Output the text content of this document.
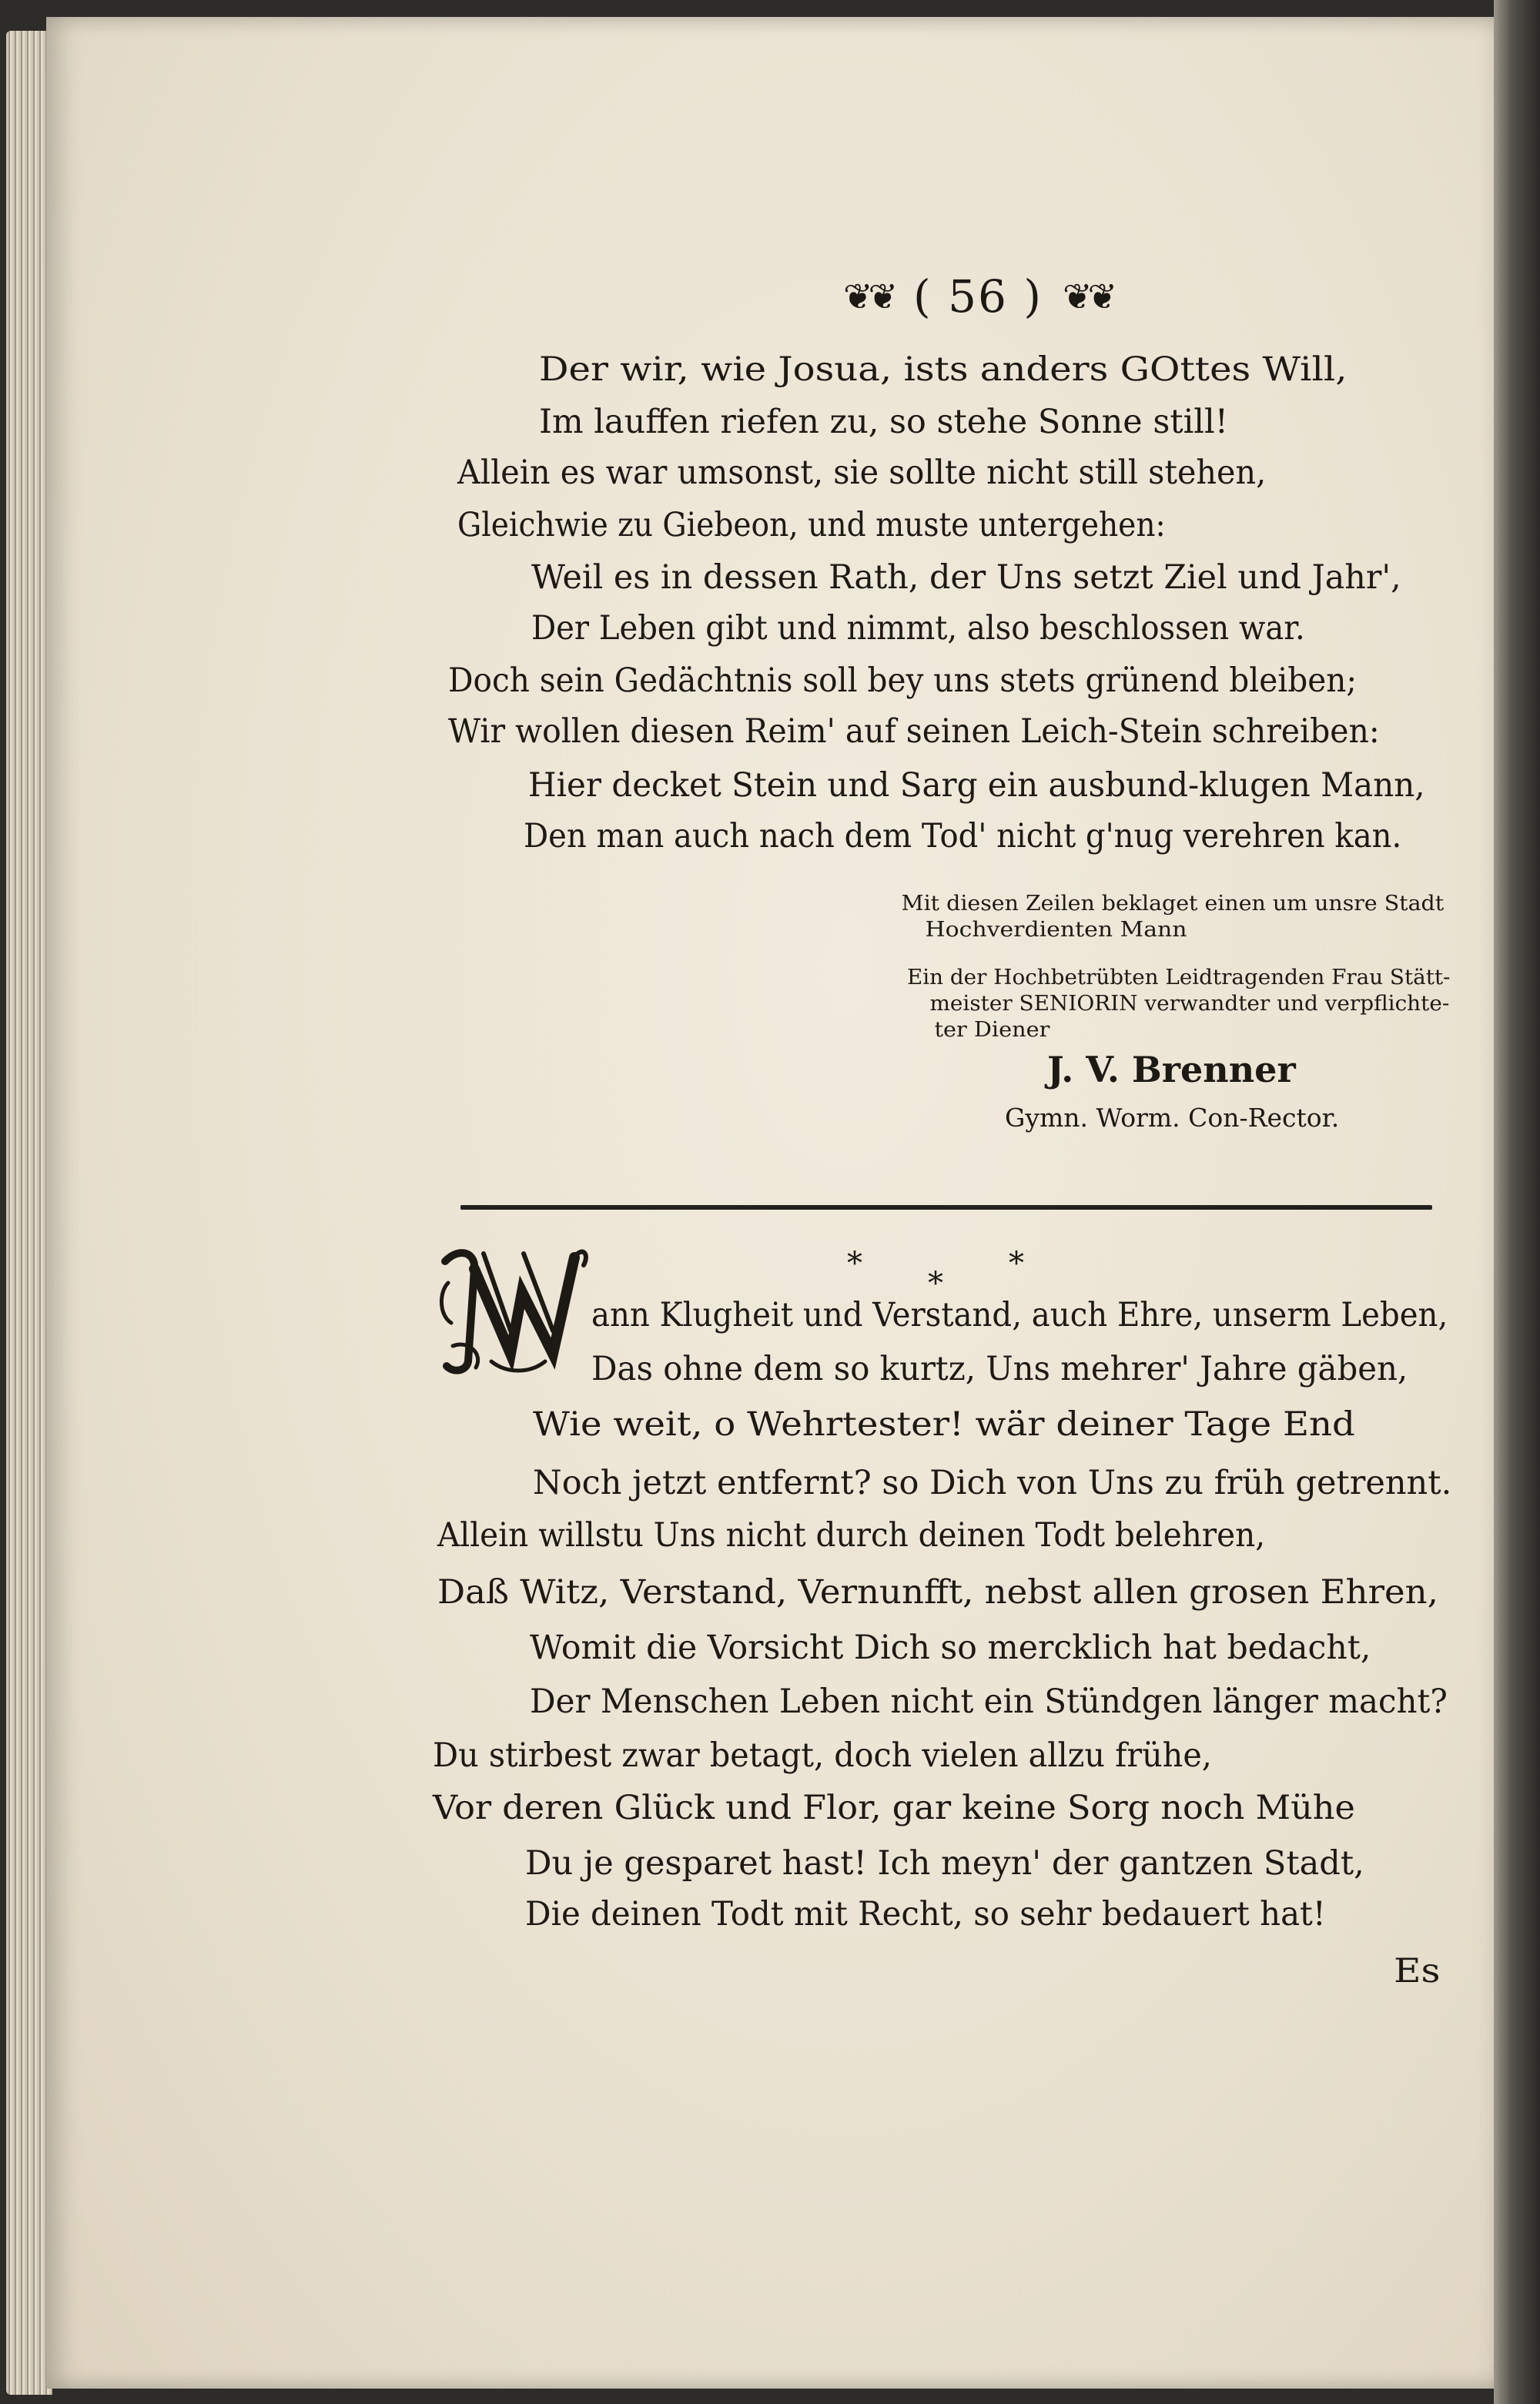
❦❦ ( 56 ) ❦❦
Der wir, wie Josua, ists anders GOttes Will,
Im lauffen riefen zu, so stehe Sonne still!
Allein es war umsonst, sie sollte nicht still stehen,
Gleichwie zu Giebeon, und muste untergehen:
Weil es in dessen Rath, der Uns setzt Ziel und Jahr',
Der Leben gibt und nimmt, also beschlossen war.
Doch sein Gedächtnis soll bey uns stets grünend bleiben;
Wir wollen diesen Reim' auf seinen Leich-Stein schreiben:
Hier decket Stein und Sarg ein ausbund-klugen Mann,
Den man auch nach dem Tod' nicht g'nug verehren kan.
Mit diesen Zeilen beklaget einen um unsre Stadt
Hochverdienten Mann
Ein der Hochbetrübten Leidtragenden Frau Stätt-
meister SENIORIN verwandter und verpflichte-
ter Diener
J. V. Brenner
Gymn. Worm. Con-Rector.
*
*
*
W
ann Klugheit und Verstand, auch Ehre, unserm Leben,
Das ohne dem so kurtz, Uns mehrer' Jahre gäben,
Wie weit, o Wehrtester! wär deiner Tage End
Noch jetzt entfernt? so Dich von Uns zu früh getrennt.
Allein willstu Uns nicht durch deinen Todt belehren,
Daß Witz, Verstand, Vernunfft, nebst allen grosen Ehren,
Womit die Vorsicht Dich so mercklich hat bedacht,
Der Menschen Leben nicht ein Stündgen länger macht?
Du stirbest zwar betagt, doch vielen allzu frühe,
Vor deren Glück und Flor, gar keine Sorg noch Mühe
Du je gesparet hast! Ich meyn' der gantzen Stadt,
Die deinen Todt mit Recht, so sehr bedauert hat!
Es
